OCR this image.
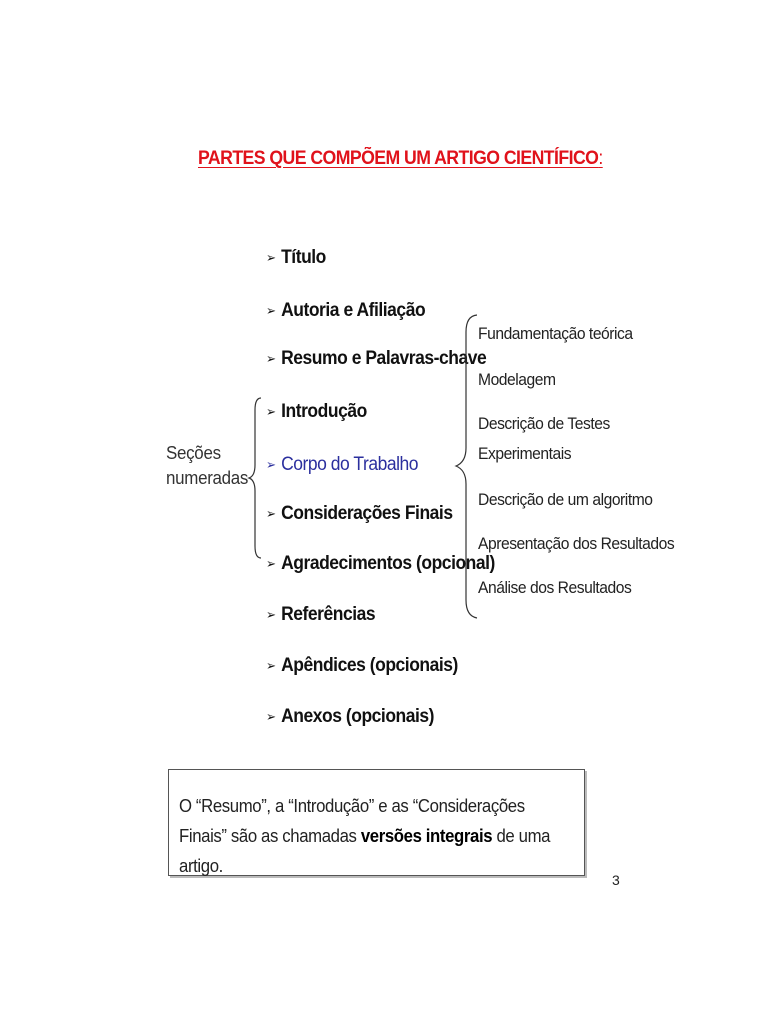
PARTES QUE COMPÕEM UM ARTIGO CIENTÍFICO:
➢ Título
➢ Autoria e Afiliação
➢ Resumo e Palavras-chave
➢ Introdução
➢ Corpo do Trabalho
➢ Considerações Finais
➢ Agradecimentos (opcional)
➢ Referências
➢ Apêndices (opcionais)
➢ Anexos (opcionais)
Seções
numeradas
Fundamentação teórica
Modelagem
Descrição de Testes
Experimentais
Descrição de um algoritmo
Apresentação dos Resultados
Análise dos Resultados

O “Resumo”, a “Introdução” e as “Considerações Finais” são as chamadas versões integrais de uma artigo.

3
